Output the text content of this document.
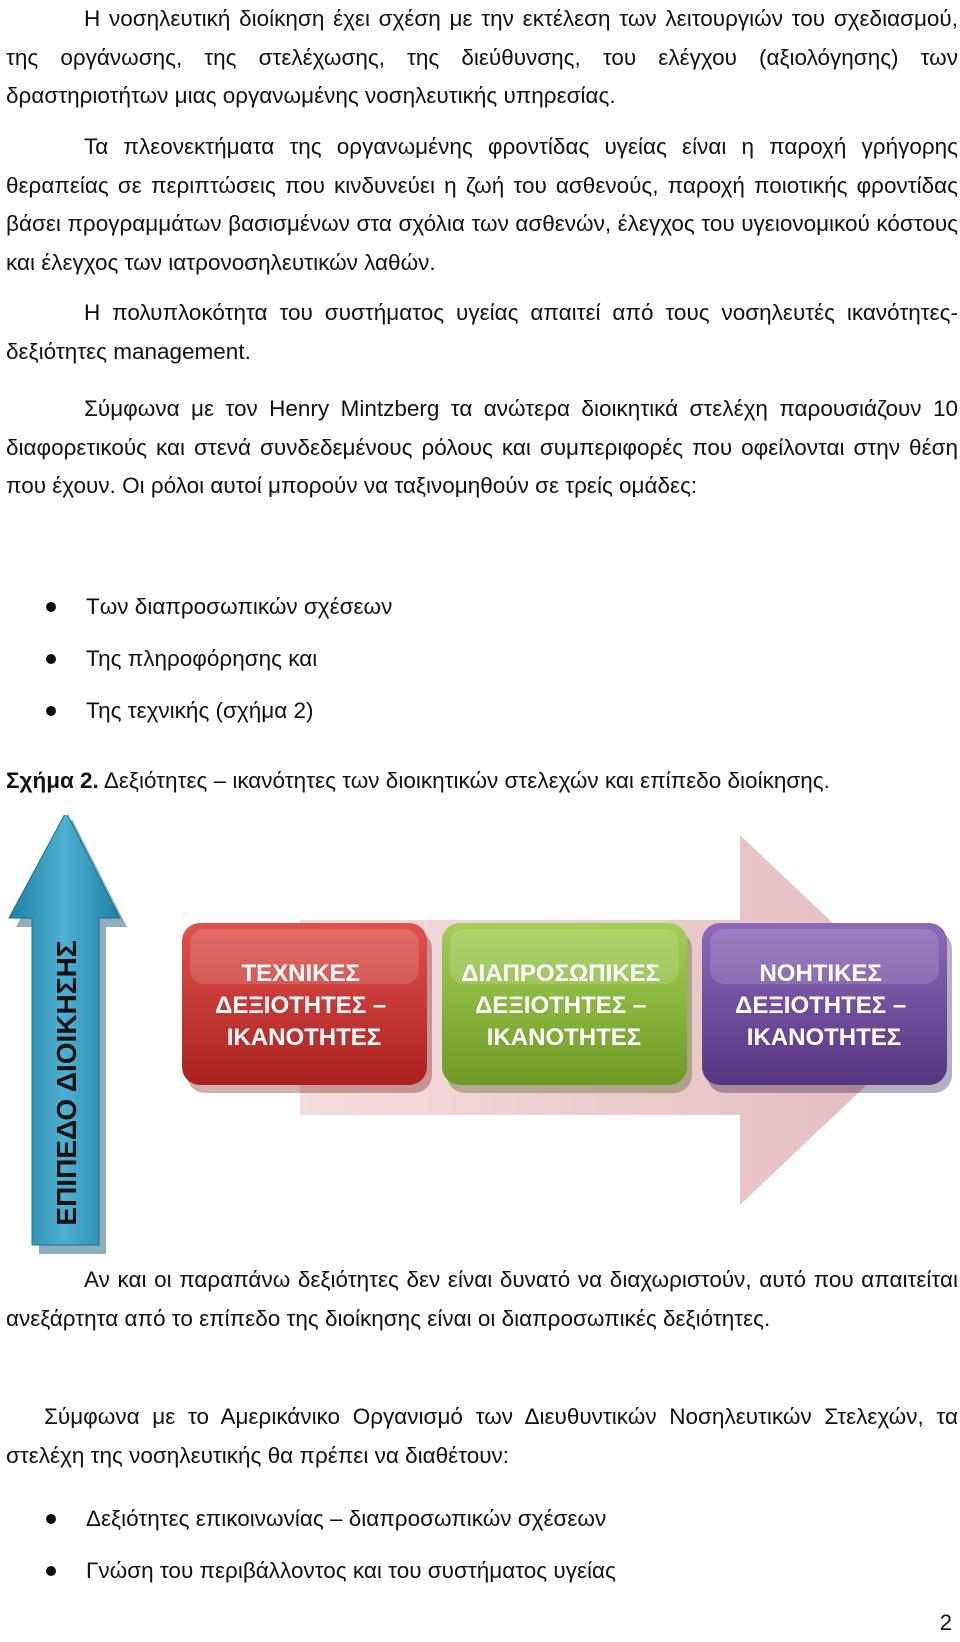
Η νοσηλευτική διοίκηση έχει σχέση με την εκτέλεση των λειτουργιών του σχεδιασμού, της οργάνωσης, της στελέχωσης, της διεύθυνσης, του ελέγχου (αξιολόγησης) των δραστηριοτήτων μιας οργανωμένης νοσηλευτικής υπηρεσίας.

Τα πλεονεκτήματα της οργανωμένης φροντίδας υγείας είναι η παροχή γρήγορης θεραπείας σε περιπτώσεις που κινδυνεύει η ζωή του ασθενούς, παροχή ποιοτικής φροντίδας βάσει προγραμμάτων βασισμένων στα σχόλια των ασθενών, έλεγχος του υγειονομικού κόστους και έλεγχος των ιατρονοσηλευτικών λαθών.

Η πολυπλοκότητα του συστήματος υγείας απαιτεί από τους νοσηλευτές ικανότητες-δεξιότητες management.

Σύμφωνα με τον Henry Mintzberg τα ανώτερα διοικητικά στελέχη παρουσιάζουν 10 διαφορετικούς και στενά συνδεδεμένους ρόλους και συμπεριφορές που οφείλονται στην θέση που έχουν. Οι ρόλοι αυτοί μπορούν να ταξινομηθούν σε τρείς ομάδες:

Των διαπροσωπικών σχέσεων
Της πληροφόρησης και
Της τεχνικής (σχήμα 2)
Σχήμα 2. Δεξιότητες – ικανότητες των διοικητικών στελεχών και επίπεδο διοίκησης.
ΕΠΙΠΕΔΟ ΔΙΟΙΚΗΣΗΣ	ΤΕΧΝΙΚΕΣ ΔΕΞΙΟΤΗΤΕΣ – ΙΚΑΝΟΤΗΤΕΣ
ΔΙΑΠΡΟΣΩΠΙΚΕΣ ΔΕΞΙΟΤΗΤΕΣ – ΙΚΑΝΟΤΗΤΕΣ
ΝΟΗΤΙΚΕΣ ΔΕΞΙΟΤΗΤΕΣ – ΙΚΑΝΟΤΗΤΕΣ

Αν και οι παραπάνω δεξιότητες δεν είναι δυνατό να διαχωριστούν, αυτό που απαιτείται ανεξάρτητα από το επίπεδο της διοίκησης είναι οι διαπροσωπικές δεξιότητες.

Σύμφωνα με το Αμερικάνικο Οργανισμό των Διευθυντικών Νοσηλευτικών Στελεχών, τα στελέχη της νοσηλευτικής θα πρέπει να διαθέτουν:

Δεξιότητες επικοινωνίας – διαπροσωπικών σχέσεων
Γνώση του περιβάλλοντος και του συστήματος υγείας
2
